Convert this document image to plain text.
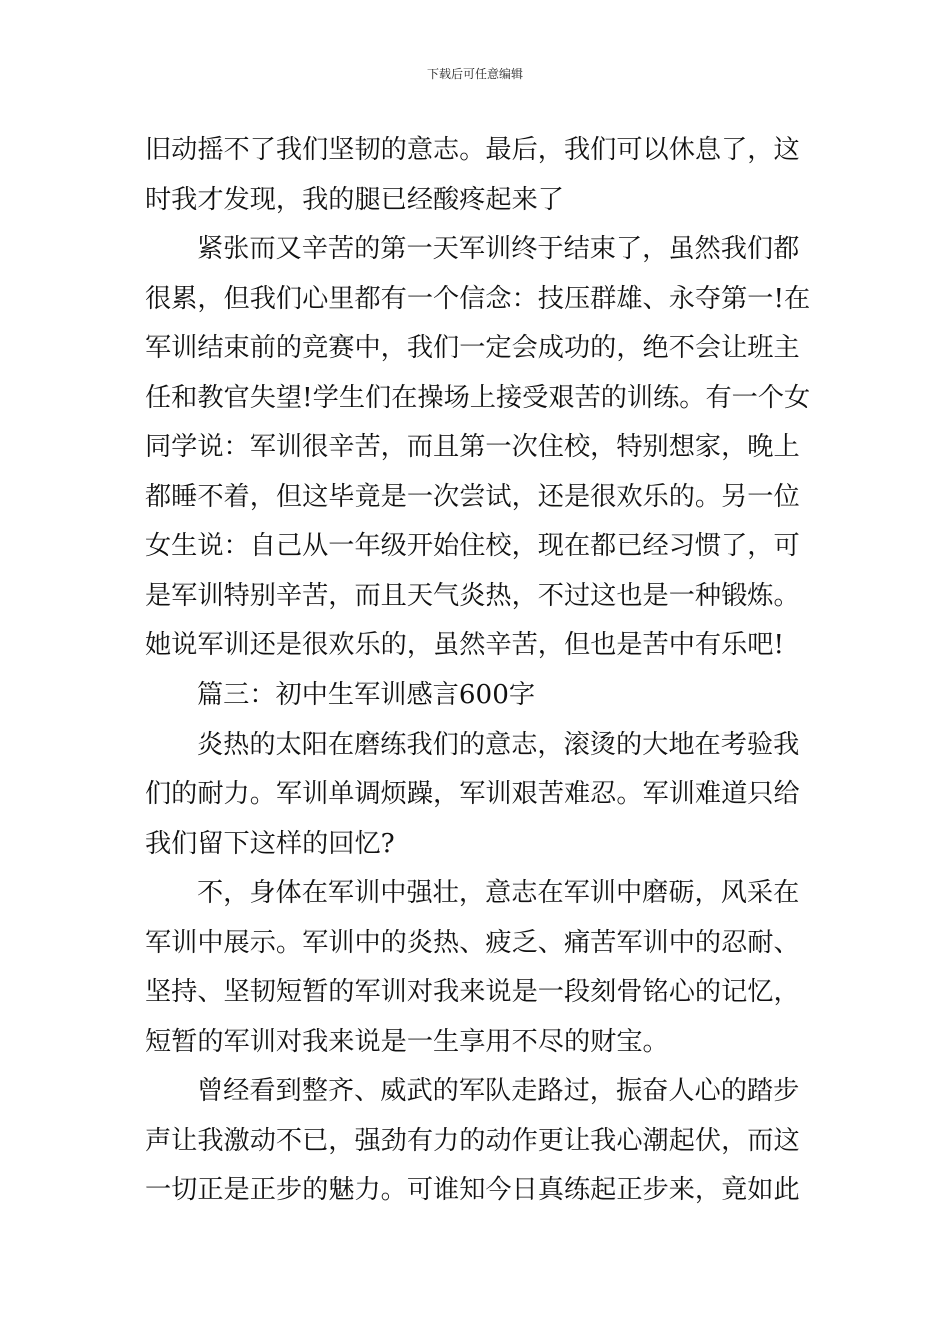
下载后可任意编辑
旧动摇不了我们坚韧的意志。最后，我们可以休息了，这
时我才发现，我的腿已经酸疼起来了
紧张而又辛苦的第一天军训终于结束了，虽然我们都
很累，但我们心里都有一个信念：技压群雄、永夺第一!在
军训结束前的竞赛中，我们一定会成功的，绝不会让班主
任和教官失望!学生们在操场上接受艰苦的训练。有一个女
同学说：军训很辛苦，而且第一次住校，特别想家，晚上
都睡不着，但这毕竟是一次尝试，还是很欢乐的。另一位
女生说：自己从一年级开始住校，现在都已经习惯了，可
是军训特别辛苦，而且天气炎热，不过这也是一种锻炼。
她说军训还是很欢乐的，虽然辛苦，但也是苦中有乐吧!
篇三：初中生军训感言600字
炎热的太阳在磨练我们的意志，滚烫的大地在考验我
们的耐力。军训单调烦躁，军训艰苦难忍。军训难道只给
我们留下这样的回忆?
不，身体在军训中强壮，意志在军训中磨砺，风采在
军训中展示。军训中的炎热、疲乏、痛苦军训中的忍耐、
坚持、坚韧短暂的军训对我来说是一段刻骨铭心的记忆，
短暂的军训对我来说是一生享用不尽的财宝。
曾经看到整齐、威武的军队走路过，振奋人心的踏步
声让我激动不已，强劲有力的动作更让我心潮起伏，而这
一切正是正步的魅力。可谁知今日真练起正步来，竟如此
